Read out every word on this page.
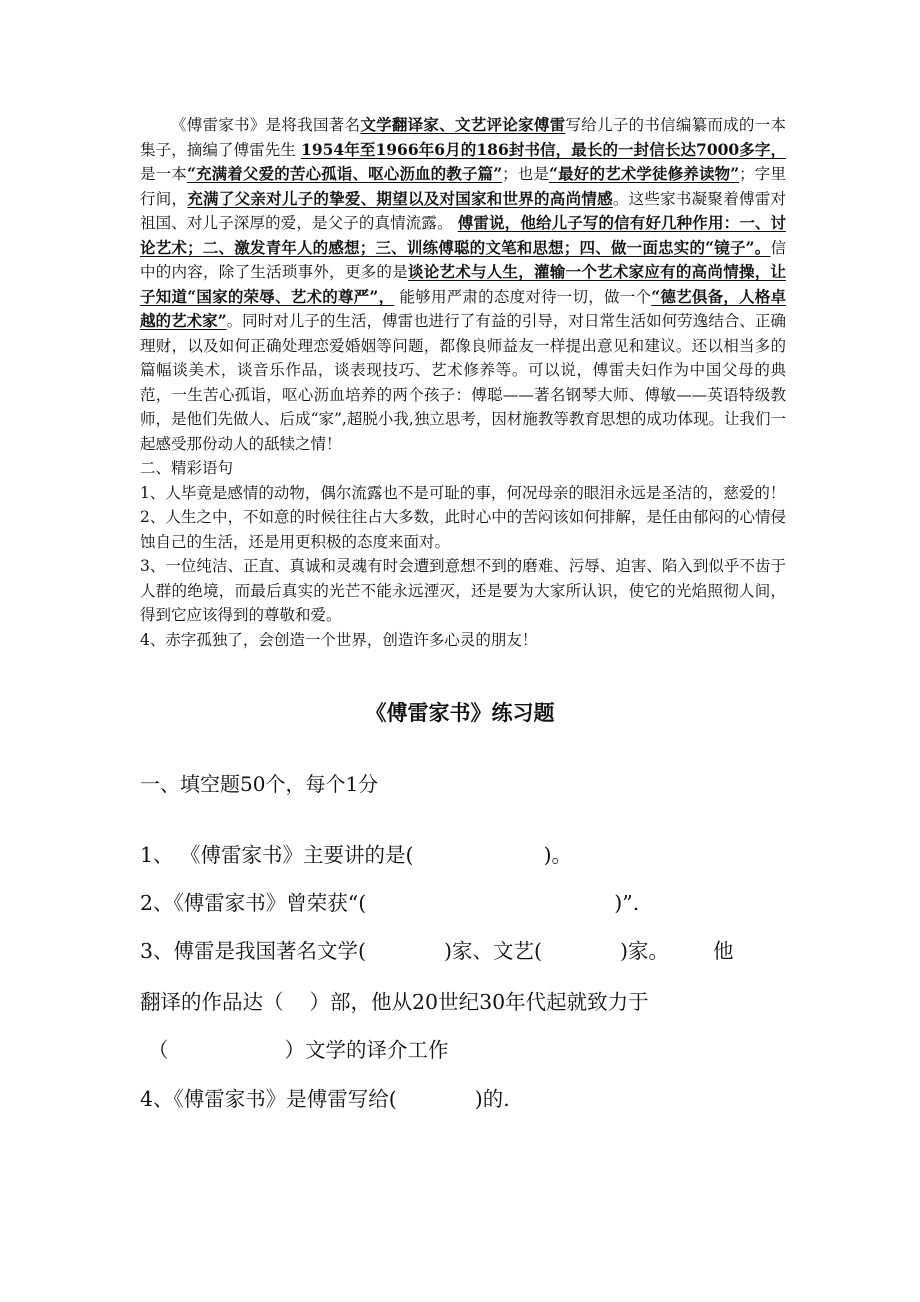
《傅雷家书》是将我国著名文学翻译家、文艺评论家傅雷写给儿子的书信编纂而成的一本集子，摘编了傅雷先生 1954年至1966年6月的186封书信，最长的一封信长达7000多字，是一本“充满着父爱的苦心孤诣、呕心沥血的教子篇”；也是“最好的艺术学徒修养读物”；字里行间，充满了父亲对儿子的挚爱、期望以及对国家和世界的高尚情感。这些家书凝聚着傅雷对祖国、对儿子深厚的爱，是父子的真情流露。 傅雷说，他给儿子写的信有好几种作用：一、讨论艺术；二、激发青年人的感想；三、训练傅聪的文笔和思想；四、做一面忠实的“镜子”。信中的内容，除了生活琐事外，更多的是谈论艺术与人生，灌输一个艺术家应有的高尚情操，让子知道“国家的荣辱、艺术的尊严”， 能够用严肃的态度对待一切，做一个“德艺俱备，人格卓越的艺术家”。同时对儿子的生活，傅雷也进行了有益的引导，对日常生活如何劳逸结合、正确理财，以及如何正确处理恋爱婚姻等问题，都像良师益友一样提出意见和建议。还以相当多的篇幅谈美术，谈音乐作品，谈表现技巧、艺术修养等。可以说，傅雷夫妇作为中国父母的典范，一生苦心孤诣，呕心沥血培养的两个孩子：傅聪——著名钢琴大师、傅敏——英语特级教师，是他们先做人、后成“家”,超脱小我,独立思考，因材施教等教育思想的成功体现。让我们一起感受那份动人的舐犊之情！

二、精彩语句

1、人毕竟是感情的动物，偶尔流露也不是可耻的事，何况母亲的眼泪永远是圣洁的，慈爱的！

2、人生之中，不如意的时候往往占大多数，此时心中的苦闷该如何排解，是任由郁闷的心情侵蚀自己的生活，还是用更积极的态度来面对。

3、一位纯洁、正直、真诚和灵魂有时会遭到意想不到的磨难、污辱、迫害、陷入到似乎不齿于人群的绝境，而最后真实的光芒不能永远湮灭，还是要为大家所认识，使它的光焰照彻人间，得到它应该得到的尊敬和爱。

4、赤字孤独了，会创造一个世界，创造许多心灵的朋友！

《傅雷家书》练习题
一、填空题50个，每个1分
1、 《傅雷家书》主要讲的是(	)。
2、《傅雷家书》曾荣获“(	)”.
3、傅雷是我国著名文学(	)家、文艺(	)家。 他
翻译的作品达（ ）部，他从20世纪30年代起就致力于
（	）文学的译介工作
4、《傅雷家书》是傅雷写给(	)的.
